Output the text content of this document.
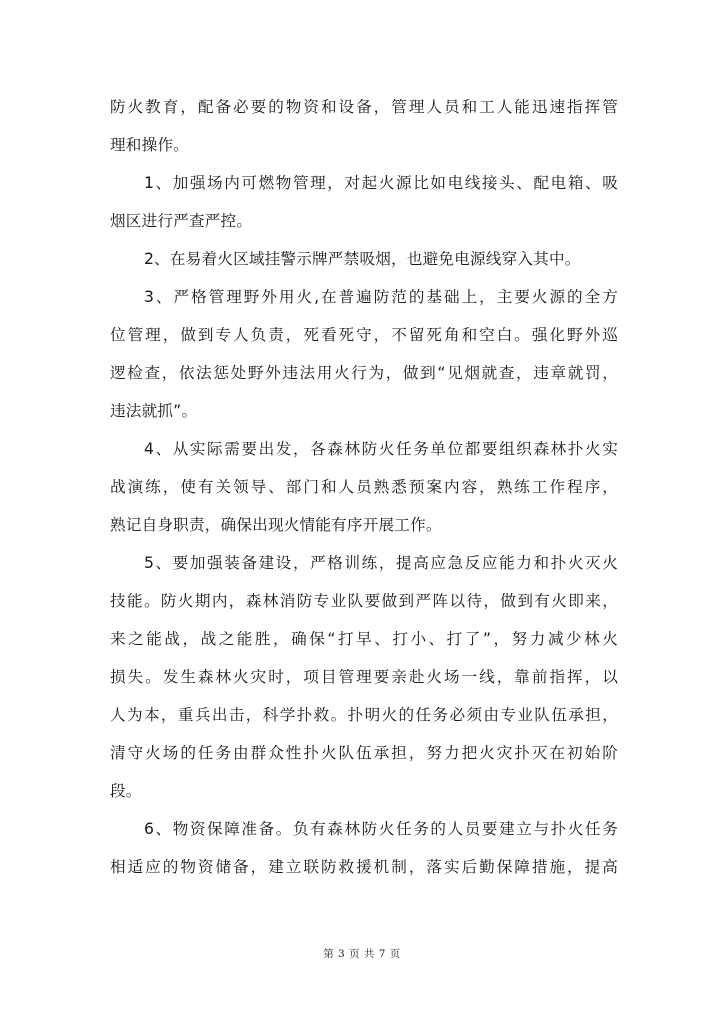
防火教育，配备必要的物资和设备，管理人员和工人能迅速指挥管
理和操作。
1、加强场内可燃物管理，对起火源比如电线接头、配电箱、吸
烟区进行严查严控。
2、在易着火区域挂警示牌严禁吸烟，也避免电源线穿入其中。
3、严格管理野外用火,在普遍防范的基础上，主要火源的全方
位管理，做到专人负责，死看死守，不留死角和空白。强化野外巡
逻检查，依法惩处野外违法用火行为，做到“见烟就查，违章就罚，
违法就抓”。
4、从实际需要出发，各森林防火任务单位都要组织森林扑火实
战演练，使有关领导、部门和人员熟悉预案内容，熟练工作程序，
熟记自身职责，确保出现火情能有序开展工作。
5、要加强装备建设，严格训练，提高应急反应能力和扑火灭火
技能。防火期内，森林消防专业队要做到严阵以待，做到有火即来，
来之能战，战之能胜，确保“打早、打小、打了”，努力减少林火
损失。发生森林火灾时，项目管理要亲赴火场一线，靠前指挥，以
人为本，重兵出击，科学扑救。扑明火的任务必须由专业队伍承担，
清守火场的任务由群众性扑火队伍承担，努力把火灾扑灭在初始阶
段。
6、物资保障准备。负有森林防火任务的人员要建立与扑火任务
相适应的物资储备，建立联防救援机制，落实后勤保障措施，提高
第 3 页 共 7 页
